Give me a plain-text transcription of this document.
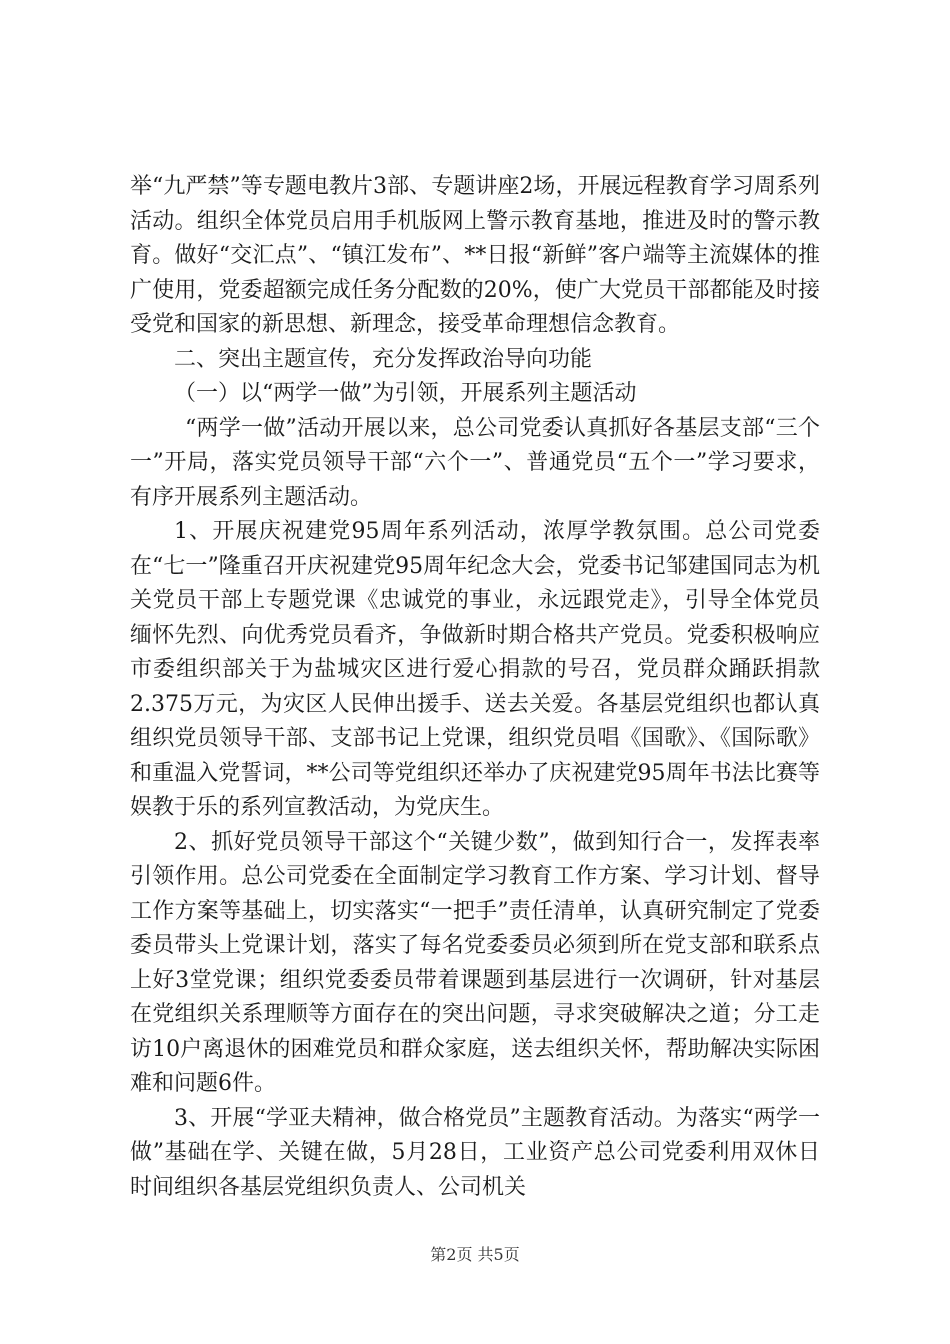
举“九严禁”等专题电教片3部、专题讲座2场，开展远程教育学习周系列活动。组织全体党员启用手机版网上警示教育基地，推进及时的警示教育。做好“交汇点”、“镇江发布”、**日报“新鲜”客户端等主流媒体的推广使用，党委超额完成任务分配数的20%，使广大党员干部都能及时接受党和国家的新思想、新理念，接受革命理想信念教育。

二、突出主题宣传，充分发挥政治导向功能

（一）以“两学一做”为引领，开展系列主题活动

“两学一做”活动开展以来，总公司党委认真抓好各基层支部“三个一”开局，落实党员领导干部“六个一”、普通党员“五个一”学习要求，有序开展系列主题活动。

1、开展庆祝建党95周年系列活动，浓厚学教氛围。总公司党委在“七一”隆重召开庆祝建党95周年纪念大会，党委书记邹建国同志为机关党员干部上专题党课《忠诚党的事业，永远跟党走》，引导全体党员缅怀先烈、向优秀党员看齐，争做新时期合格共产党员。党委积极响应市委组织部关于为盐城灾区进行爱心捐款的号召，党员群众踊跃捐款2.375万元，为灾区人民伸出援手、送去关爱。各基层党组织也都认真组织党员领导干部、支部书记上党课，组织党员唱《国歌》、《国际歌》和重温入党誓词，**公司等党组织还举办了庆祝建党95周年书法比赛等娱教于乐的系列宣教活动，为党庆生。

2、抓好党员领导干部这个“关键少数”，做到知行合一，发挥表率引领作用。总公司党委在全面制定学习教育工作方案、学习计划、督导工作方案等基础上，切实落实“一把手”责任清单，认真研究制定了党委委员带头上党课计划，落实了每名党委委员必须到所在党支部和联系点上好3堂党课；组织党委委员带着课题到基层进行一次调研，针对基层在党组织关系理顺等方面存在的突出问题，寻求突破解决之道；分工走访10户离退休的困难党员和群众家庭，送去组织关怀，帮助解决实际困难和问题6件。

3、开展“学亚夫精神，做合格党员”主题教育活动。为落实“两学一做”基础在学、关键在做，5月28日，工业资产总公司党委利用双休日时间组织各基层党组织负责人、公司机关

第2页 共5页
